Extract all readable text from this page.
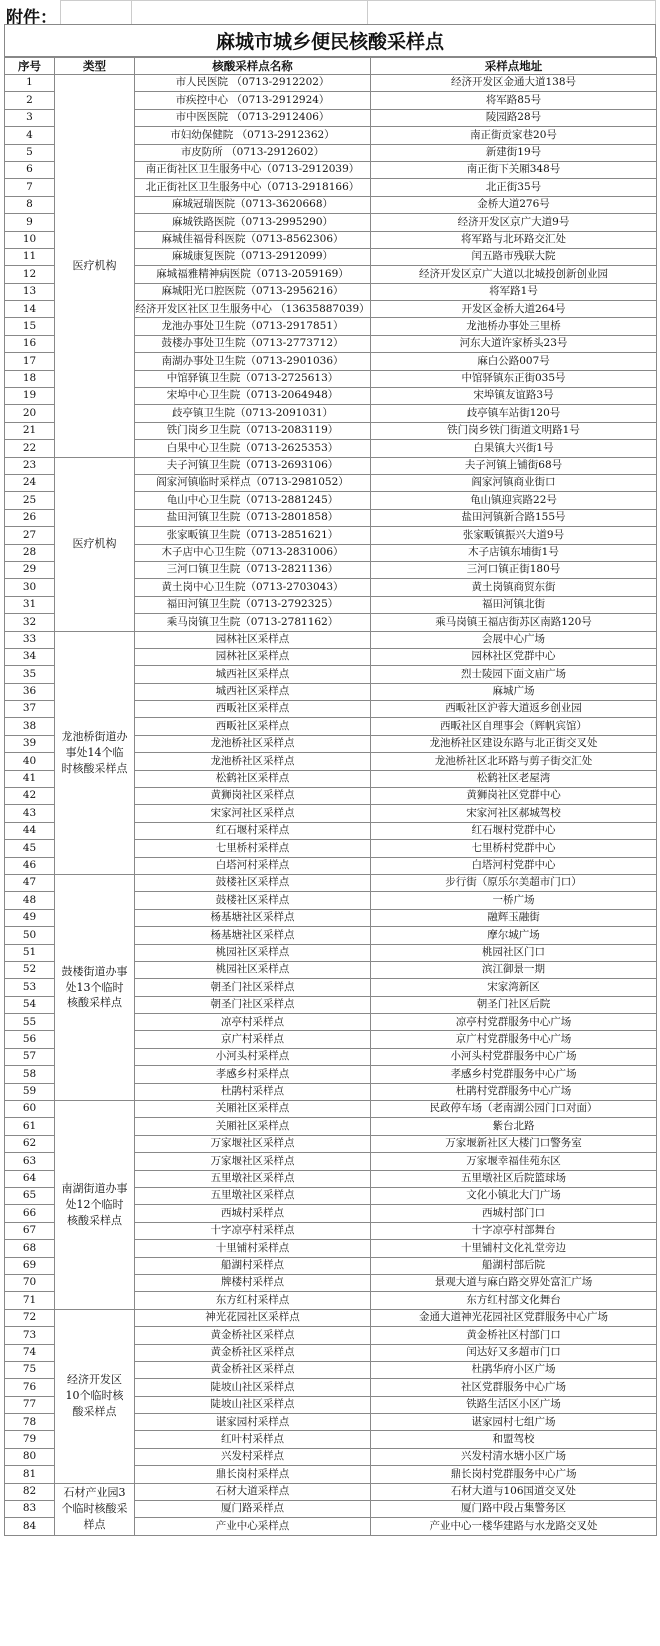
附件：
麻城市城乡便民核酸采样点
序号	类型	核酸采样点名称	采样点地址
1	医疗机构	市人民医院 （0713-2912202）	经济开发区金通大道138号
2		市疾控中心 （0713-2912924）	将军路85号
3		市中医医院 （0713-2912406）	陵园路28号
4		市妇幼保健院 （0713-2912362）	南正街贡家巷20号
5		市皮防所 （0713-2912602）	新建街19号
6		南正街社区卫生服务中心（0713-2912039）	南正街下关厢348号
7		北正街社区卫生服务中心（0713-2918166）	北正街35号
8		麻城冠瑞医院（0713-3620668）	金桥大道276号
9		麻城铁路医院（0713-2995290）	经济开发区京广大道9号
10		麻城佳福骨科医院（0713-8562306）	将军路与北环路交汇处
11		麻城康复医院（0713-2912099）	闰五路市残联大院
12		麻城福雅精神病医院（0713-2059169）	经济开发区京广大道以北城投创新创业园
13		麻城阳光口腔医院（0713-2956216）	将军路1号
14		经济开发区社区卫生服务中心 （13635887039）	开发区金桥大道264号
15		龙池办事处卫生院（0713-2917851）	龙池桥办事处三里桥
16		鼓楼办事处卫生院（0713-2773712）	河东大道许家桥头23号
17		南湖办事处卫生院（0713-2901036）	麻白公路007号
18		中馆驿镇卫生院（0713-2725613）	中馆驿镇东正街035号
19		宋埠中心卫生院（0713-2064948）	宋埠镇友谊路3号
20		歧亭镇卫生院（0713-2091031）	歧亭镇车站街120号
21		铁门岗乡卫生院（0713-2083119）	铁门岗乡铁门街道文明路1号
22		白果中心卫生院（0713-2625353）	白果镇大兴街1号
23	医疗机构	夫子河镇卫生院（0713-2693106）	夫子河镇上铺街68号
24		阎家河镇临时采样点（0713-2981052）	阎家河镇商业街口
25		龟山中心卫生院（0713-2881245）	龟山镇迎宾路22号
26		盐田河镇卫生院（0713-2801858）	盐田河镇新合路155号
27		张家畈镇卫生院（0713-2851621）	张家畈镇振兴大道9号
28		木子店中心卫生院（0713-2831006）	木子店镇东埔街1号
29		三河口镇卫生院（0713-2821136）	三河口镇正街180号
30		黄土岗中心卫生院（0713-2703043）	黄土岗镇商贸东街
31		福田河镇卫生院（0713-2792325）	福田河镇北街
32		乘马岗镇卫生院（0713-2781162）	乘马岗镇王福店街苏区南路120号
33	龙池桥街道办事处14个临时核酸采样点	园林社区采样点	会展中心广场
34		园林社区采样点	园林社区党群中心
35		城西社区采样点	烈士陵园下面文庙广场
36		城西社区采样点	麻城广场
37		西畈社区采样点	西畈社区沪蓉大道返乡创业园
38		西畈社区采样点	西畈社区自理事会（辉帆宾馆）
39		龙池桥社区采样点	龙池桥社区建设东路与北正街交叉处
40		龙池桥社区采样点	龙池桥社区北环路与剪子街交汇处
41		松鹤社区采样点	松鹤社区老屋湾
42		黄狮岗社区采样点	黄狮岗社区党群中心
43		宋家河社区采样点	宋家河社区郝城驾校
44		红石堰村采样点	红石堰村党群中心
45		七里桥村采样点	七里桥村党群中心
46		白塔河村采样点	白塔河村党群中心
47	鼓楼街道办事处13个临时核酸采样点	鼓楼社区采样点	步行街（原乐尔美超市门口）
48		鼓楼社区采样点	一桥广场
49		杨基塘社区采样点	融辉玉融街
50		杨基塘社区采样点	摩尔城广场
51		桃园社区采样点	桃园社区门口
52		桃园社区采样点	滨江御景一期
53		朝圣门社区采样点	宋家湾新区
54		朝圣门社区采样点	朝圣门社区后院
55		凉亭村采样点	凉亭村党群服务中心广场
56		京广村采样点	京广村党群服务中心广场
57		小河头村采样点	小河头村党群服务中心广场
58		孝感乡村采样点	孝感乡村党群服务中心广场
59		杜鹃村采样点	杜鹃村党群服务中心广场
60	南湖街道办事处12个临时核酸采样点	关厢社区采样点	民政停车场（老南湖公园门口对面）
61		关厢社区采样点	紫台北路
62		万家堰社区采样点	万家堰新社区大楼门口警务室
63		万家堰社区采样点	万家堰幸福佳苑东区
64		五里墩社区采样点	五里墩社区后院篮球场
65		五里墩社区采样点	文化小镇北大门广场
66		西城村采样点	西城村部门口
67		十字凉亭村采样点	十字凉亭村部舞台
68		十里铺村采样点	十里铺村文化礼堂旁边
69		船湖村采样点	船湖村部后院
70		牌楼村采样点	景观大道与麻白路交界处富汇广场
71		东方红村采样点	东方红村部文化舞台
72	经济开发区10个临时核酸采样点	神光花园社区采样点	金通大道神光花园社区党群服务中心广场
73		黄金桥社区采样点	黄金桥社区村部门口
74		黄金桥社区采样点	闰达好又多超市门口
75		黄金桥社区采样点	杜鹃华府小区广场
76		陡坡山社区采样点	社区党群服务中心广场
77		陡坡山社区采样点	铁路生活区小区广场
78		谌家园村采样点	谌家园村七组广场
79		红叶村采样点	和盟驾校
80		兴发村采样点	兴发村清水塘小区广场
81		鼎长岗村采样点	鼎长岗村党群服务中心广场
82	石材产业园3个临时核酸采样点	石材大道采样点	石材大道与106国道交叉处
83		厦门路采样点	厦门路中段占集警务区
84		产业中心采样点	产业中心一楼华建路与水龙路交叉处
